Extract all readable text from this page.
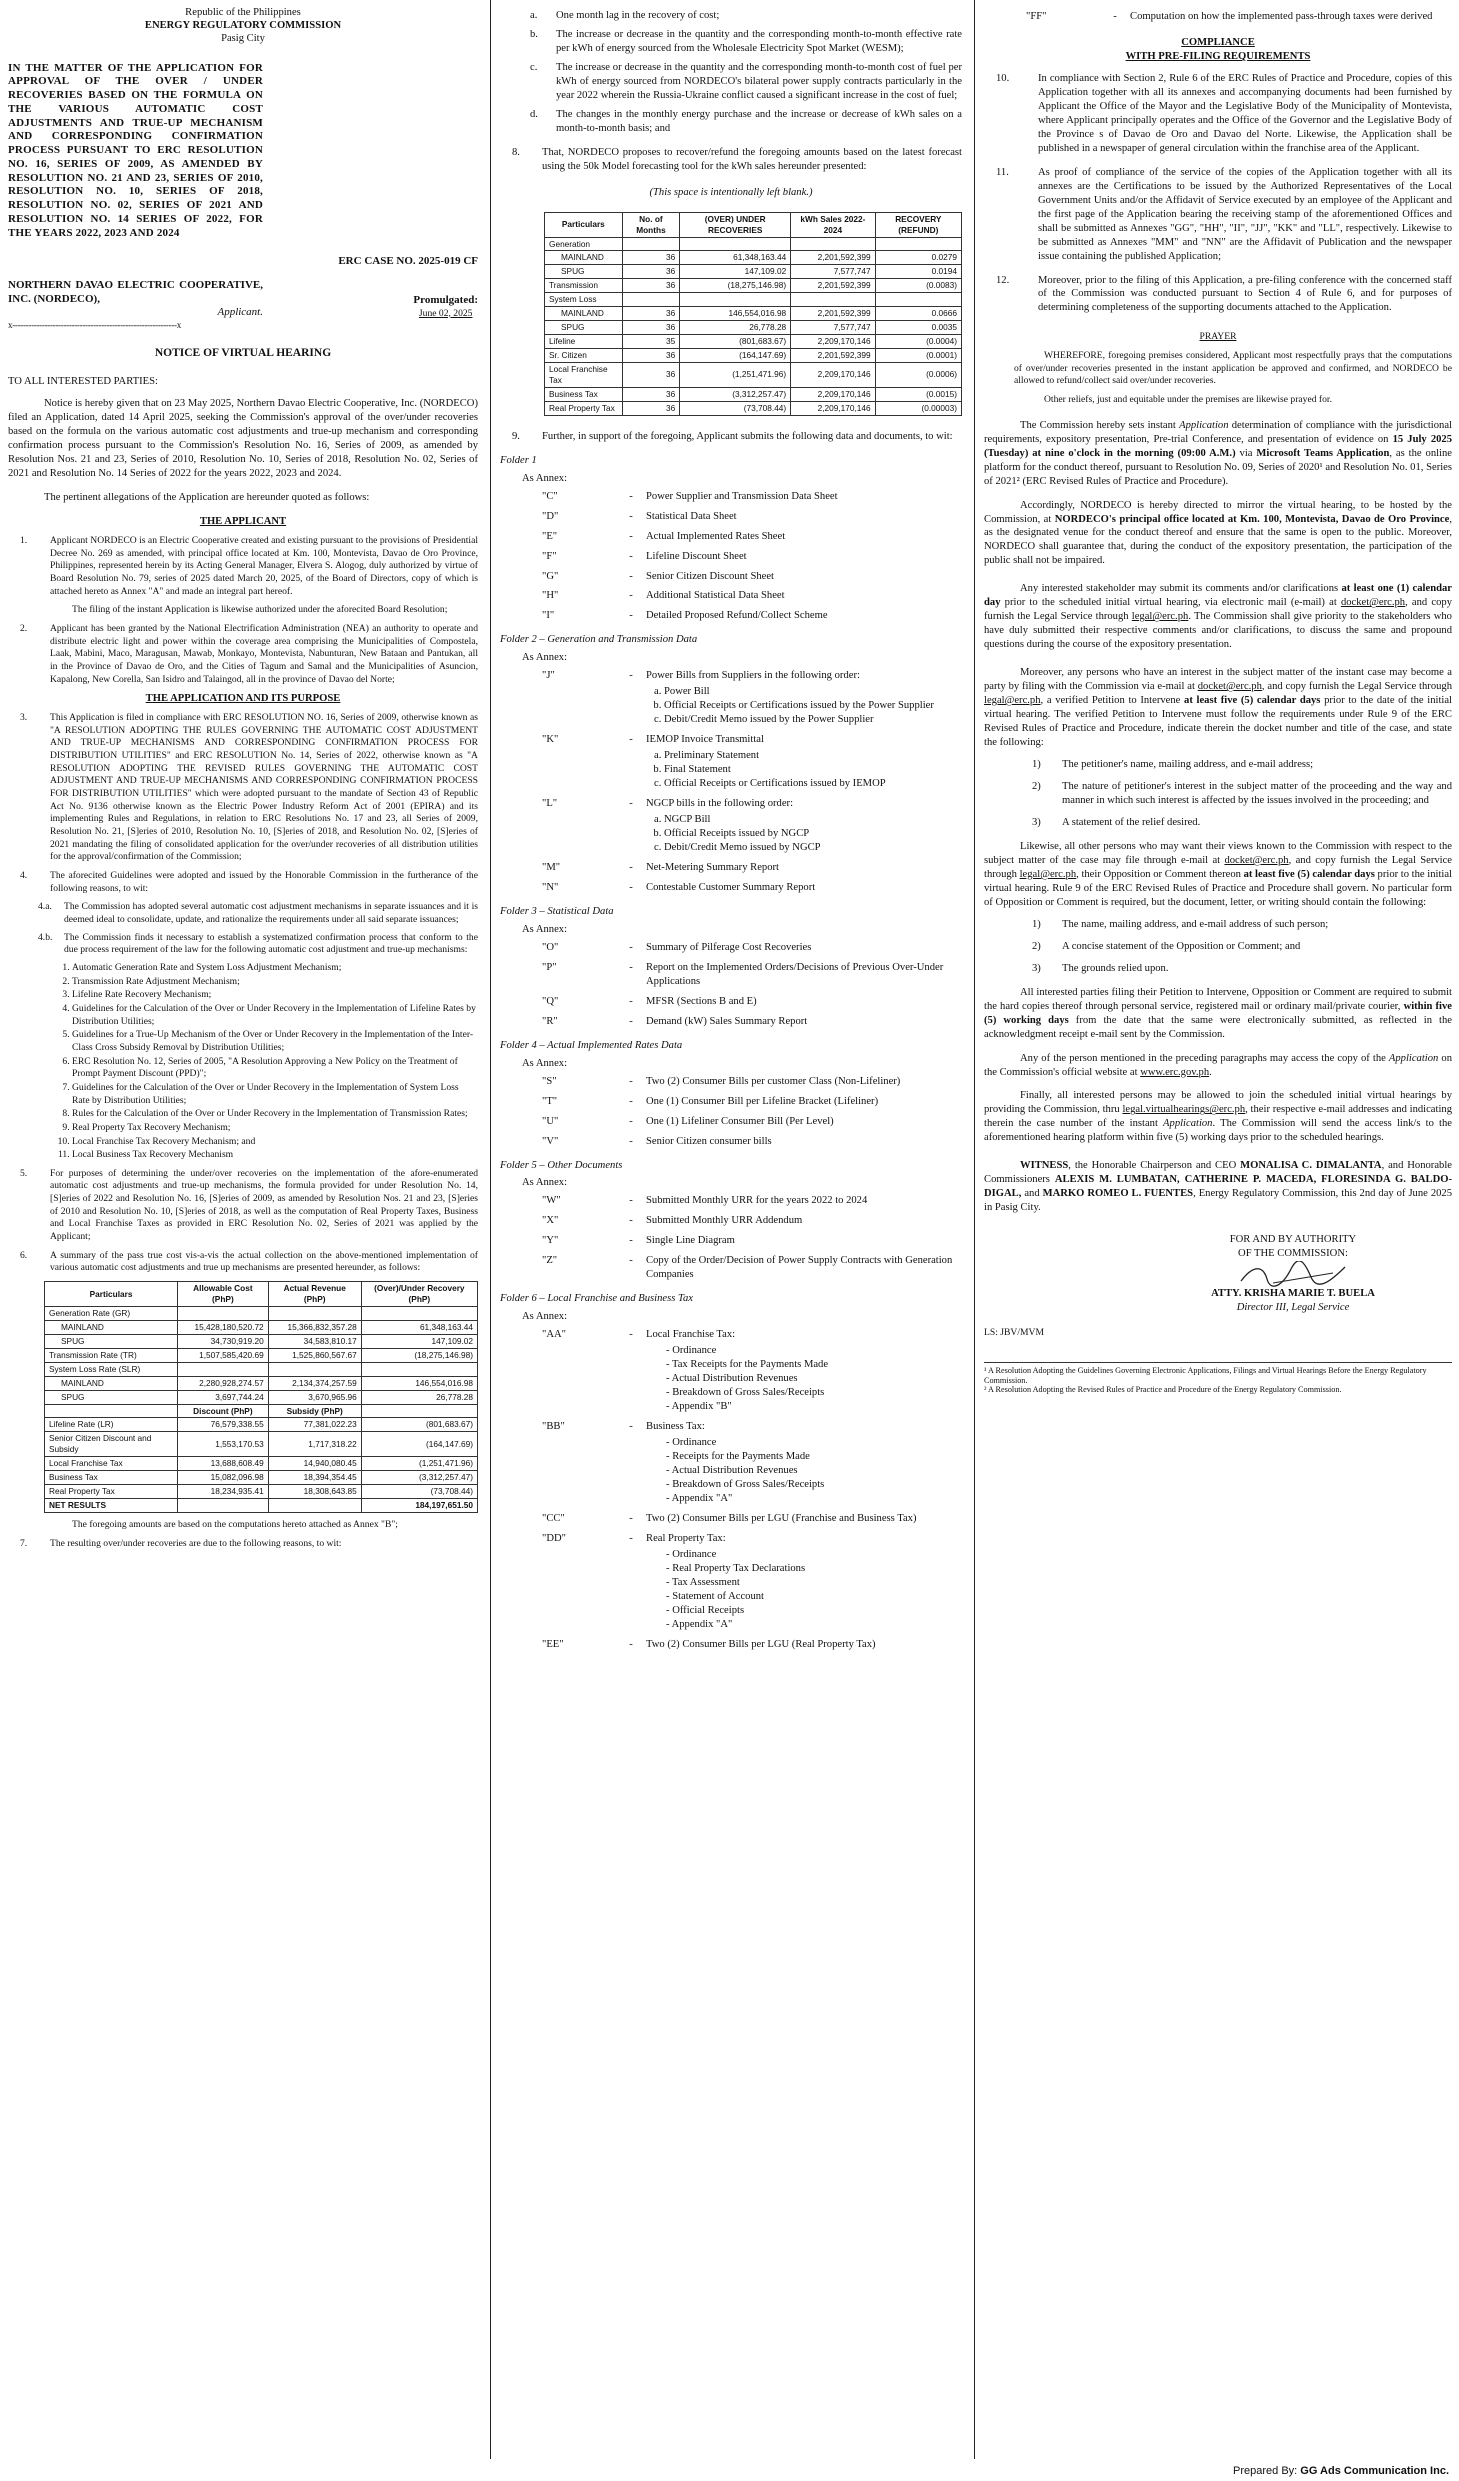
Republic of the Philippines
ENERGY REGULATORY COMMISSION
Pasig City
IN THE MATTER OF THE APPLICATION FOR APPROVAL OF THE OVER / UNDER RECOVERIES BASED ON THE FORMULA ON THE VARIOUS AUTOMATIC COST ADJUSTMENTS AND TRUE-UP MECHANISM AND CORRESPONDING CONFIRMATION PROCESS PURSUANT TO ERC RESOLUTION NO. 16, SERIES OF 2009, AS AMENDED BY RESOLUTION NO. 21 AND 23, SERIES OF 2010, RESOLUTION NO. 10, SERIES OF 2018, RESOLUTION NO. 02, SERIES OF 2021 AND RESOLUTION NO. 14 SERIES OF 2022, FOR THE YEARS 2022, 2023 AND 2024
ERC CASE NO. 2025-019 CF
NORTHERN DAVAO ELECTRIC COOPERATIVE, INC. (NORDECO),
Applicant.
Promulgated:
June 02, 2025
x-------------------------------------------------------------x

NOTICE OF VIRTUAL HEARING

TO ALL INTERESTED PARTIES:

Notice is hereby given that on 23 May 2025, Northern Davao Electric Cooperative, Inc. (NORDECO) filed an Application, dated 14 April 2025, seeking the Commission's approval of the over/under recoveries based on the formula on the various automatic cost adjustments and true-up mechanism and corresponding confirmation process pursuant to the Commission's Resolution No. 16, Series of 2009, as amended by Resolution Nos. 21 and 23, Series of 2010, Resolution No. 10, Series of 2018, Resolution No. 02, Series of 2021 and Resolution No. 14 Series of 2022 for the years 2022, 2023 and 2024.

The pertinent allegations of the Application are hereunder quoted as follows:

THE APPLICANT

1.	Applicant NORDECO is an Electric Cooperative created and existing pursuant to the provisions of Presidential Decree No. 269 as amended, with principal office located at Km. 100, Montevista, Davao de Oro Province, Philippines, represented herein by its Acting General Manager, Elvera S. Alogog, duly authorized by virtue of Board Resolution No. 79, series of 2025 dated March 20, 2025, of the Board of Directors, copy of which is attached hereto as Annex "A" and made an integral part hereof.

The filing of the instant Application is likewise authorized under the aforecited Board Resolution;

2.	Applicant has been granted by the National Electrification Administration (NEA) an authority to operate and distribute electric light and power within the coverage area comprising the Municipalities of Compostela, Laak, Mabini, Maco, Maragusan, Mawab, Monkayo, Montevista, Nabunturan, New Bataan and Pantukan, all in the Province of Davao de Oro, and the Cities of Tagum and Samal and the Municipalities of Asuncion, Kapalong, New Corella, San Isidro and Talaingod, all in the province of Davao del Norte;

THE APPLICATION AND ITS PURPOSE

3.	This Application is filed in compliance with ERC RESOLUTION NO. 16, Series of 2009, otherwise known as "A RESOLUTION ADOPTING THE RULES GOVERNING THE AUTOMATIC COST ADJUSTMENT AND TRUE-UP MECHANISMS AND CORRESPONDING CONFIRMATION PROCESS FOR DISTRIBUTION UTILITIES" and ERC RESOLUTION No. 14, Series of 2022, otherwise known as "A RESOLUTION ADOPTING THE REVISED RULES GOVERNING THE AUTOMATIC COST ADJUSTMENT AND TRUE-UP MECHANISMS AND CORRESPONDING CONFIRMATION PROCESS FOR DISTRIBUTION UTILITIES" which were adopted pursuant to the mandate of Section 43 of Republic Act No. 9136 otherwise known as the Electric Power Industry Reform Act of 2001 (EPIRA) and its implementing Rules and Regulations, in relation to ERC Resolutions No. 17 and 23, all Series of 2009, Resolution No. 21, [S]eries of 2010, Resolution No. 10, [S]eries of 2018, and Resolution No. 02, [S]eries of 2021 mandating the filing of consolidated application for the over/under recoveries of all distribution utilities for the approval/confirmation of the Commission;
4.	The aforecited Guidelines were adopted and issued by the Honorable Commission in the furtherance of the following reasons, to wit:
4.a.	The Commission has adopted several automatic cost adjustment mechanisms in separate issuances and it is deemed ideal to consolidate, update, and rationalize the requirements under all said separate issuances;
4.b.	The Commission finds it necessary to establish a systematized confirmation process that conform to the due process requirement of the law for the following automatic cost adjustment and true-up mechanisms:
1. Automatic Generation Rate and System Loss Adjustment Mechanism;
2. Transmission Rate Adjustment Mechanism;
3. Lifeline Rate Recovery Mechanism;
4. Guidelines for the Calculation of the Over or Under Recovery in the Implementation of Lifeline Rates by Distribution Utilities;
5. Guidelines for a True-Up Mechanism of the Over or Under Recovery in the Implementation of the Inter-Class Cross Subsidy Removal by Distribution Utilities;
6. ERC Resolution No. 12, Series of 2005, "A Resolution Approving a New Policy on the Treatment of Prompt Payment Discount (PPD)";
7. Guidelines for the Calculation of the Over or Under Recovery in the Implementation of System Loss Rate by Distribution Utilities;
8. Rules for the Calculation of the Over or Under Recovery in the Implementation of Transmission Rates;
9. Real Property Tax Recovery Mechanism;
10. Local Franchise Tax Recovery Mechanism; and
11. Local Business Tax Recovery Mechanism
5.	For purposes of determining the under/over recoveries on the implementation of the afore-enumerated automatic cost adjustments and true-up mechanisms, the formula provided for under Resolution No. 14, [S]eries of 2022 and Resolution No. 16, [S]eries of 2009, as amended by Resolution Nos. 21 and 23, [S]eries of 2010 and Resolution No. 10, [S]eries of 2018, as well as the computation of Real Property Taxes, Business and Local Franchise Taxes as provided in ERC Resolution No. 02, Series of 2021 was applied by the Applicant;
6.	A summary of the pass true cost vis-a-vis the actual collection on the above-mentioned implementation of various automatic cost adjustments and true up mechanisms are presented hereunder, as follows:
Particulars	Allowable Cost (PhP)	Actual Revenue (PhP)	(Over)/Under Recovery (PhP)
Generation Rate (GR)			
MAINLAND	15,428,180,520.72	15,366,832,357.28	61,348,163.44
SPUG	34,730,919.20	34,583,810.17	147,109.02
Transmission Rate (TR)	1,507,585,420.69	1,525,860,567.67	(18,275,146.98)
System Loss Rate (SLR)			
MAINLAND	2,280,928,274.57	2,134,374,257.59	146,554,016.98
SPUG	3,697,744.24	3,670,965.96	26,778.28
	Discount (PhP)	Subsidy (PhP)	
Lifeline Rate (LR)	76,579,338.55	77,381,022.23	(801,683.67)
Senior Citizen Discount and Subsidy	1,553,170.53	1,717,318.22	(164,147.69)
Local Franchise Tax	13,688,608.49	14,940,080.45	(1,251,471.96)
Business Tax	15,082,096.98	18,394,354.45	(3,312,257.47)
Real Property Tax	18,234,935.41	18,308,643.85	(73,708.44)
NET RESULTS			184,197,651.50

The foregoing amounts are based on the computations hereto attached as Annex "B";

7.	The resulting over/under recoveries are due to the following reasons, to wit:
a.	One month lag in the recovery of cost;
b.	The increase or decrease in the quantity and the corresponding month-to-month effective rate per kWh of energy sourced from the Wholesale Electricity Spot Market (WESM);
c.	The increase or decrease in the quantity and the corresponding month-to-month cost of fuel per kWh of energy sourced from NORDECO's bilateral power supply contracts particularly in the year 2022 wherein the Russia-Ukraine conflict caused a significant increase in the cost of fuel;
d.	The changes in the monthly energy purchase and the increase or decrease of kWh sales on a month-to-month basis; and
8.	That, NORDECO proposes to recover/refund the foregoing amounts based on the latest forecast using the 50k Model forecasting tool for the kWh sales hereunder presented:

(This space is intentionally left blank.)

Particulars	No. of Months	(OVER) UNDER RECOVERIES	kWh Sales 2022-2024	RECOVERY (REFUND)
Generation				
MAINLAND	36	61,348,163.44	2,201,592,399	0.0279
SPUG	36	147,109.02	7,577,747	0.0194
Transmission	36	(18,275,146.98)	2,201,592,399	(0.0083)
System Loss				
MAINLAND	36	146,554,016.98	2,201,592,399	0.0666
SPUG	36	26,778.28	7,577,747	0.0035
Lifeline	35	(801,683.67)	2,209,170,146	(0.0004)
Sr. Citizen	36	(164,147.69)	2,201,592,399	(0.0001)
Local Franchise Tax	36	(1,251,471.96)	2,209,170,146	(0.0006)
Business Tax	36	(3,312,257.47)	2,209,170,146	(0.0015)
Real Property Tax	36	(73,708.44)	2,209,170,146	(0.00003)
9.	Further, in support of the foregoing, Applicant submits the following data and documents, to wit:
Folder 1
As Annex:
"C"	-	Power Supplier and Transmission Data Sheet
"D"	-	Statistical Data Sheet
"E"	-	Actual Implemented Rates Sheet
"F"	-	Lifeline Discount Sheet
"G"	-	Senior Citizen Discount Sheet
"H"	-	Additional Statistical Data Sheet
"I"	-	Detailed Proposed Refund/Collect Scheme
Folder 2 – Generation and Transmission Data
As Annex:
"J"	-	Power Bills from Suppliers in the following order:
a. Power Bill
b. Official Receipts or Certifications issued by the Power Supplier
c. Debit/Credit Memo issued by the Power Supplier
"K"	-	IEMOP Invoice Transmittal
a. Preliminary Statement
b. Final Statement
c. Official Receipts or Certifications issued by IEMOP
"L"	-	NGCP bills in the following order:
a. NGCP Bill
b. Official Receipts issued by NGCP
c. Debit/Credit Memo issued by NGCP
"M"	-	Net-Metering Summary Report
"N"	-	Contestable Customer Summary Report
Folder 3 – Statistical Data
As Annex:
"O"	-	Summary of Pilferage Cost Recoveries
"P"	-	Report on the Implemented Orders/Decisions of Previous Over-Under Applications
"Q"	-	MFSR (Sections B and E)
"R"	-	Demand (kW) Sales Summary Report
Folder 4 – Actual Implemented Rates Data
As Annex:
"S"	-	Two (2) Consumer Bills per customer Class (Non-Lifeliner)
"T"	-	One (1) Consumer Bill per Lifeline Bracket (Lifeliner)
"U"	-	One (1) Lifeliner Consumer Bill (Per Level)
"V"	-	Senior Citizen consumer bills
Folder 5 – Other Documents
As Annex:
"W"	-	Submitted Monthly URR for the years 2022 to 2024
"X"	-	Submitted Monthly URR Addendum
"Y"	-	Single Line Diagram
"Z"	-	Copy of the Order/Decision of Power Supply Contracts with Generation Companies
Folder 6 – Local Franchise and Business Tax
As Annex:
"AA"	-	Local Franchise Tax:
- Ordinance
- Tax Receipts for the Payments Made
- Actual Distribution Revenues
- Breakdown of Gross Sales/Receipts
- Appendix "B"
"BB"	-	Business Tax:
- Ordinance
- Receipts for the Payments Made
- Actual Distribution Revenues
- Breakdown of Gross Sales/Receipts
- Appendix "A"
"CC"	-	Two (2) Consumer Bills per LGU (Franchise and Business Tax)
"DD"	-	Real Property Tax:
- Ordinance
- Real Property Tax Declarations
- Tax Assessment
- Statement of Account
- Official Receipts
- Appendix "A"
"EE"	-	Two (2) Consumer Bills per LGU (Real Property Tax)
"FF"	-	Computation on how the implemented pass-through taxes were derived

COMPLIANCE

WITH PRE-FILING REQUIREMENTS

10.	In compliance with Section 2, Rule 6 of the ERC Rules of Practice and Procedure, copies of this Application together with all its annexes and accompanying documents had been furnished by Applicant the Office of the Mayor and the Legislative Body of the Municipality of Montevista, where Applicant principally operates and the Office of the Governor and the Legislative Body of the Province s of Davao de Oro and Davao del Norte. Likewise, the Application shall be published in a newspaper of general circulation within the franchise area of the Applicant.
11.	As proof of compliance of the service of the copies of the Application together with all its annexes are the Certifications to be issued by the Authorized Representatives of the Local Government Units and/or the Affidavit of Service executed by an employee of the Applicant and the first page of the Application bearing the receiving stamp of the aforementioned Offices and shall be submitted as Annexes "GG", "HH", "II", "JJ", "KK" and "LL", respectively. Likewise to be submitted as Annexes "MM" and "NN" are the Affidavit of Publication and the newspaper issue containing the published Application;
12.	Moreover, prior to the filing of this Application, a pre-filing conference with the concerned staff of the Commission was conducted pursuant to Section 4 of Rule 6, and for purposes of determining completeness of the supporting documents attached to the Application.

PRAYER

WHEREFORE, foregoing premises considered, Applicant most respectfully prays that the computations of over/under recoveries presented in the instant application be approved and confirmed, and NORDECO be allowed to refund/collect said over/under recoveries.

Other reliefs, just and equitable under the premises are likewise prayed for.

The Commission hereby sets instant Application determination of compliance with the jurisdictional requirements, expository presentation, Pre-trial Conference, and presentation of evidence on 15 July 2025 (Tuesday) at nine o'clock in the morning (09:00 A.M.) via Microsoft Teams Application, as the online platform for the conduct thereof, pursuant to Resolution No. 09, Series of 2020¹ and Resolution No. 01, Series of 2021² (ERC Revised Rules of Practice and Procedure).

Accordingly, NORDECO is hereby directed to mirror the virtual hearing, to be hosted by the Commission, at NORDECO's principal office located at Km. 100, Montevista, Davao de Oro Province, as the designated venue for the conduct thereof and ensure that the same is open to the public. Moreover, NORDECO shall guarantee that, during the conduct of the expository presentation, the participation of the public shall not be impaired.

Any interested stakeholder may submit its comments and/or clarifications at least one (1) calendar day prior to the scheduled initial virtual hearing, via electronic mail (e-mail) at docket@erc.ph, and copy furnish the Legal Service through legal@erc.ph. The Commission shall give priority to the stakeholders who have duly submitted their respective comments and/or clarifications, to discuss the same and propound questions during the course of the expository presentation.

Moreover, any persons who have an interest in the subject matter of the instant case may become a party by filing with the Commission via e-mail at docket@erc.ph, and copy furnish the Legal Service through legal@erc.ph, a verified Petition to Intervene at least five (5) calendar days prior to the date of the initial virtual hearing. The verified Petition to Intervene must follow the requirements under Rule 9 of the ERC Revised Rules of Practice and Procedure, indicate therein the docket number and title of the case, and state the following:

1)	The petitioner's name, mailing address, and e-mail address;
2)	The nature of petitioner's interest in the subject matter of the proceeding and the way and manner in which such interest is affected by the issues involved in the proceeding; and
3)	A statement of the relief desired.

Likewise, all other persons who may want their views known to the Commission with respect to the subject matter of the case may file through e-mail at docket@erc.ph, and copy furnish the Legal Service through legal@erc.ph, their Opposition or Comment thereon at least five (5) calendar days prior to the initial virtual hearing. Rule 9 of the ERC Revised Rules of Practice and Procedure shall govern. No particular form of Opposition or Comment is required, but the document, letter, or writing should contain the following:

1)	The name, mailing address, and e-mail address of such person;
2)	A concise statement of the Opposition or Comment; and
3)	The grounds relied upon.

All interested parties filing their Petition to Intervene, Opposition or Comment are required to submit the hard copies thereof through personal service, registered mail or ordinary mail/private courier, within five (5) working days from the date that the same were electronically submitted, as reflected in the acknowledgment receipt e-mail sent by the Commission.

Any of the person mentioned in the preceding paragraphs may access the copy of the Application on the Commission's official website at www.erc.gov.ph.

Finally, all interested persons may be allowed to join the scheduled initial virtual hearings by providing the Commission, thru legal.virtualhearings@erc.ph, their respective e-mail addresses and indicating therein the case number of the instant Application. The Commission will send the access link/s to the aforementioned hearing platform within five (5) working days prior to the scheduled hearings.

WITNESS, the Honorable Chairperson and CEO MONALISA C. DIMALANTA, and Honorable Commissioners ALEXIS M. LUMBATAN, CATHERINE P. MACEDA, FLORESINDA G. BALDO-DIGAL, and MARKO ROMEO L. FUENTES, Energy Regulatory Commission, this 2nd day of June 2025 in Pasig City.

FOR AND BY AUTHORITY
OF THE COMMISSION:
ATTY. KRISHA MARIE T. BUELA
Director III, Legal Service
LS: JBV/MVM
¹ A Resolution Adopting the Guidelines Governing Electronic Applications, Filings and Virtual Hearings Before the Energy Regulatory Commission.
² A Resolution Adopting the Revised Rules of Practice and Procedure of the Energy Regulatory Commission.
Prepared By: GG Ads Communication Inc.
